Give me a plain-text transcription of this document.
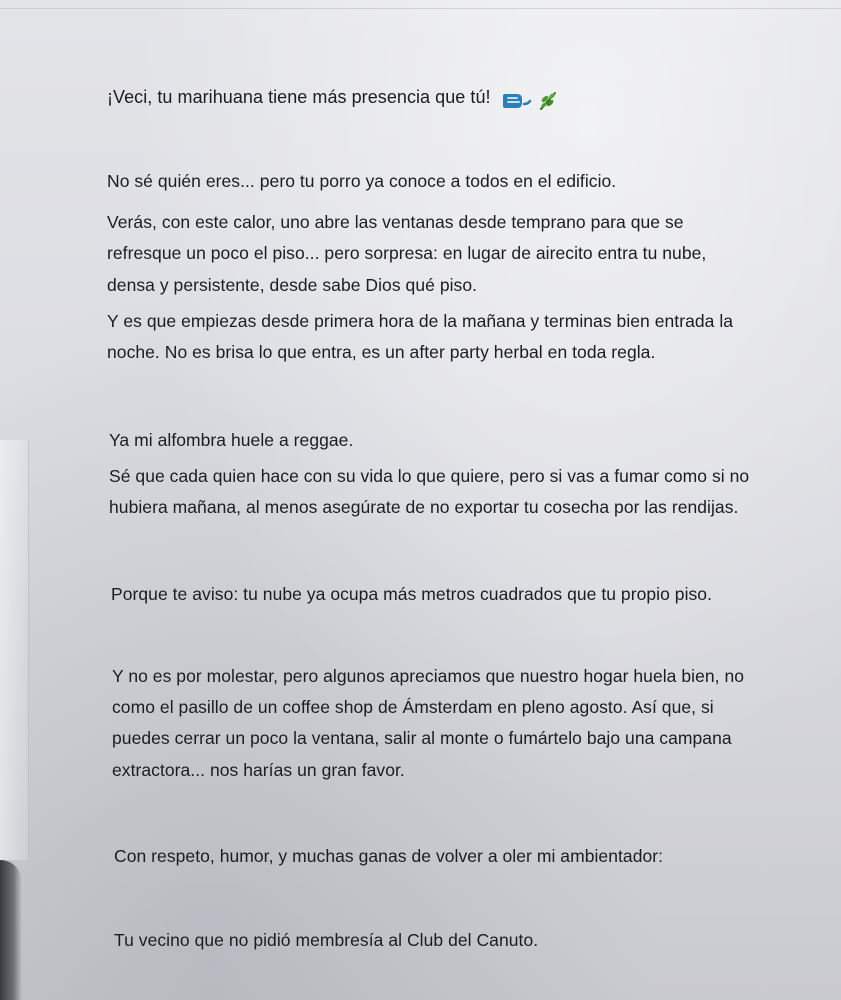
¡Veci, tu marihuana tiene más presencia que tú!
No sé quién eres... pero tu porro ya conoce a todos en el edificio.
Verás, con este calor, uno abre las ventanas desde temprano para que se
refresque un poco el piso... pero sorpresa: en lugar de airecito entra tu nube,
densa y persistente, desde sabe Dios qué piso.
Y es que empiezas desde primera hora de la mañana y terminas bien entrada la
noche. No es brisa lo que entra, es un after party herbal en toda regla.
Ya mi alfombra huele a reggae.
Sé que cada quien hace con su vida lo que quiere, pero si vas a fumar como si no
hubiera mañana, al menos asegúrate de no exportar tu cosecha por las rendijas.
Porque te aviso: tu nube ya ocupa más metros cuadrados que tu propio piso.
Y no es por molestar, pero algunos apreciamos que nuestro hogar huela bien, no
como el pasillo de un coffee shop de Ámsterdam en pleno agosto. Así que, si
puedes cerrar un poco la ventana, salir al monte o fumártelo bajo una campana
extractora... nos harías un gran favor.
Con respeto, humor, y muchas ganas de volver a oler mi ambientador:
Tu vecino que no pidió membresía al Club del Canuto.
